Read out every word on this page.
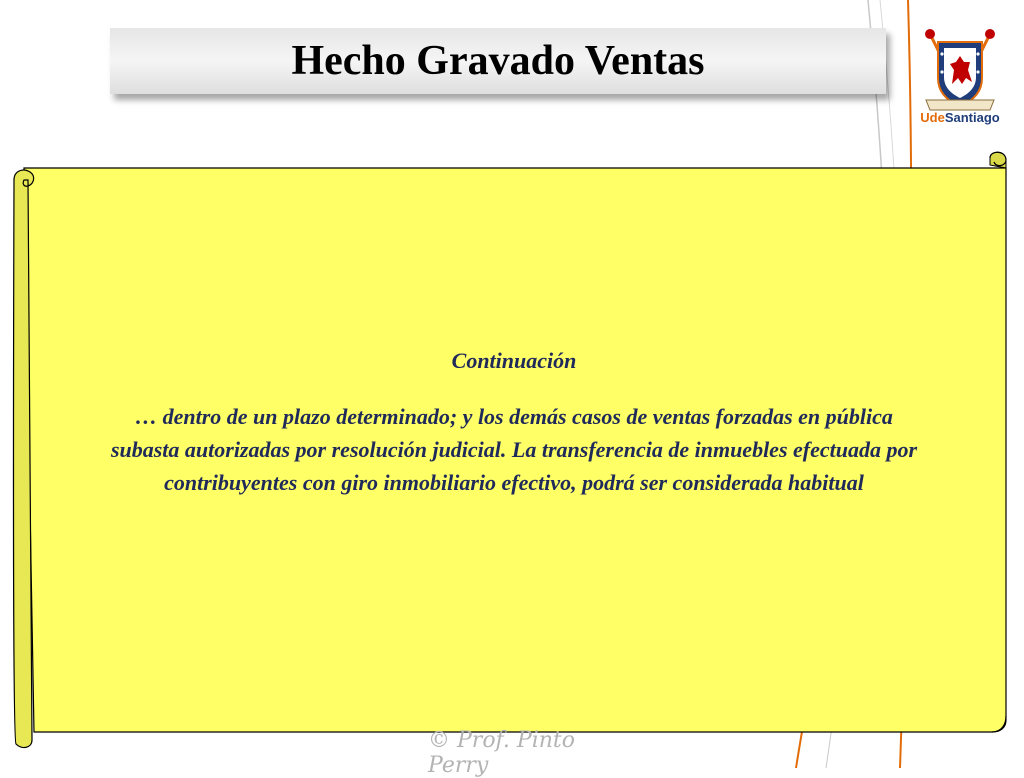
Hecho Gravado Ventas
UdeSantiago

Continuación

… dentro de un plazo determinado; y los demás casos de ventas forzadas en pública subasta autorizadas por resolución judicial. La transferencia de inmuebles efectuada por contribuyentes con giro inmobiliario efectivo, podrá ser considerada habitual

© Prof. Pinto Perry
